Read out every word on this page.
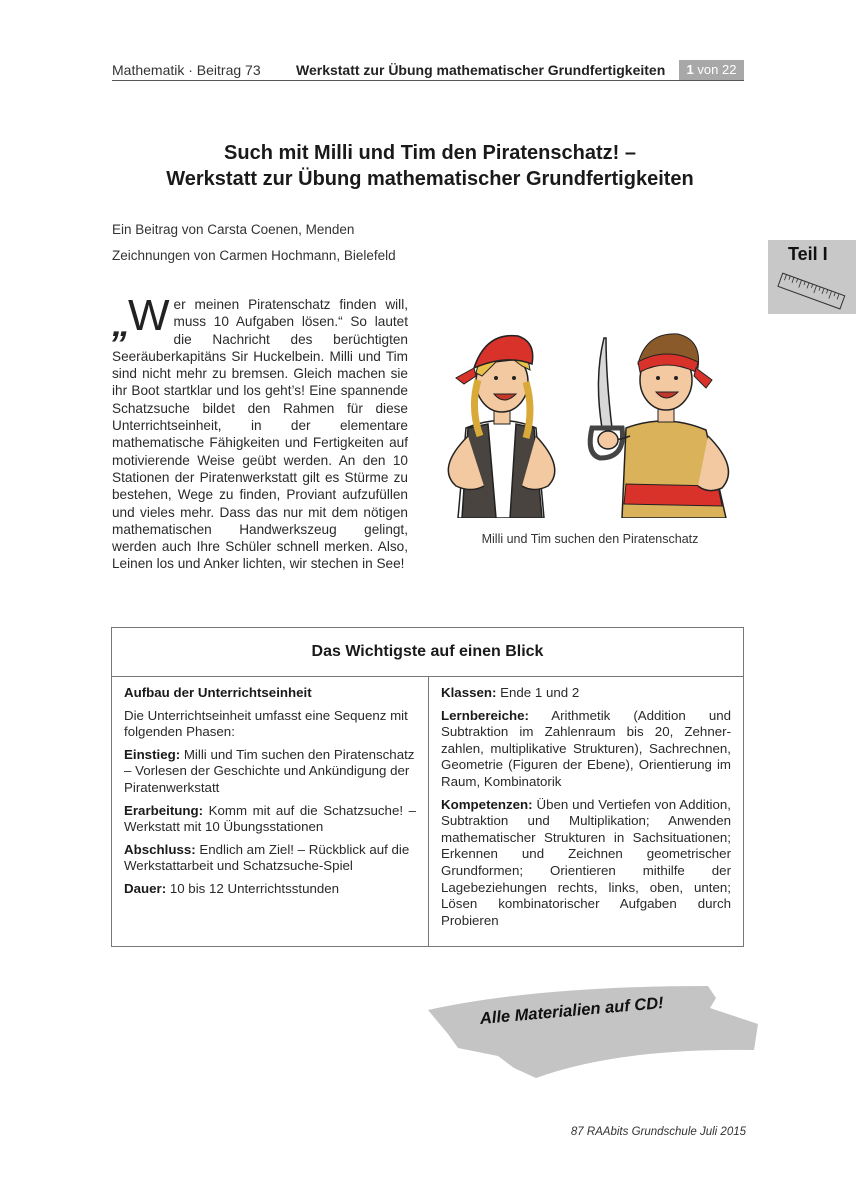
Mathematik · Beitrag 73	Werkstatt zur Übung mathematischer Grundfertigkeiten	1 von 22
Such mit Milli und Tim den Piratenschatz! –
Werkstatt zur Übung mathematischer Grundfertigkeiten
Ein Beitrag von Carsta Coenen, Menden
Zeichnungen von Carmen Hochmann, Bielefeld	Teil I
„W er meinen Piratenschatz finden will, muss 10 Aufgaben lösen.“ So lautet die Nachricht des berüchtigten Seeräuberkapitäns Sir Huckelbein. Milli und Tim sind nicht mehr zu bremsen. Gleich machen sie ihr Boot startklar und los geht’s! Eine spannende Schatzsuche bildet den Rahmen für diese Unterrichtseinheit, in der elementare mathematische Fähigkeiten und Fertigkeiten auf motivierende Weise geübt werden. An den 10 Stationen der Piratenwerkstatt gilt es Stürme zu bestehen, Wege zu finden, Proviant aufzufüllen und vieles mehr. Dass das nur mit dem nötigen mathematischen Handwerkszeug gelingt, werden auch Ihre Schüler schnell merken. Also, Leinen los und Anker lichten, wir stechen in See!
Milli und Tim suchen den Piratenschatz
Das Wichtigste auf einen Blick

Aufbau der Unterrichtseinheit

Die Unterrichtseinheit umfasst eine Sequenz mit folgenden Phasen:

Einstieg: Milli und Tim suchen den Piratenschatz – Vorlesen der Geschichte und Ankündigung der Piratenwerkstatt

Erarbeitung: Komm mit auf die Schatzsuche! – Werkstatt mit 10 Übungsstationen

Abschluss: Endlich am Ziel! – Rückblick auf die Werkstattarbeit und Schatzsuche-Spiel

Dauer: 10 bis 12 Unterrichtsstunden

Klassen: Ende 1 und 2

Lernbereiche: Arithmetik (Addition und Subtraktion im Zahlenraum bis 20, Zehnerzahlen, multiplikative Strukturen), Sachrechnen, Geometrie (Figuren der Ebene), Orientierung im Raum, Kombinatorik

Kompetenzen: Üben und Vertiefen von Addition, Subtraktion und Multiplikation; Anwenden mathematischer Strukturen in Sachsituationen; Erkennen und Zeichnen geometrischer Grundformen; Orientieren mithilfe der Lagebeziehungen rechts, links, oben, unten; Lösen kombinatorischer Aufgaben durch Probieren

Alle Materialien auf CD!
87 RAAbits Grundschule Juli 2015
